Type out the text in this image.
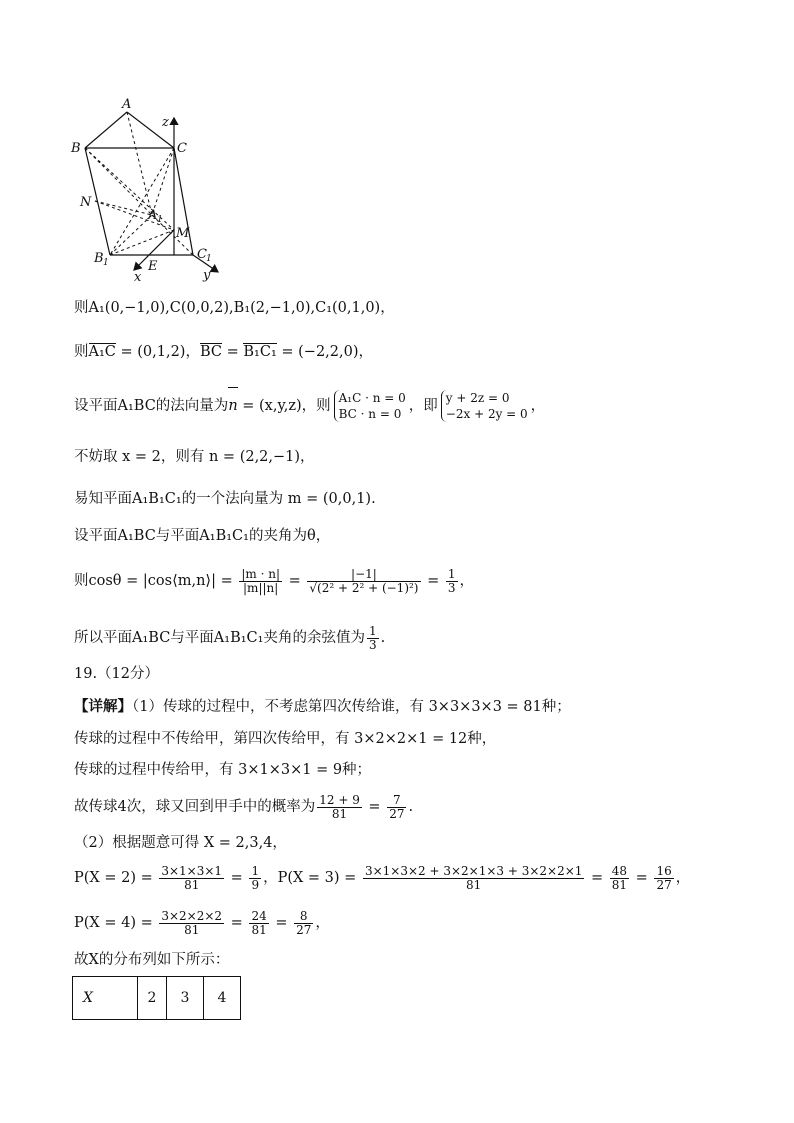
A
B	C
N
A 1
M
B 1
C 1
E
x	y
z
则A₁(0,−1,0),C(0,0,2),B₁(2,−1,0),C₁(0,1,0)，
则A₁C = (0,1,2)，BC = B₁C₁ = (−2,2,0)，
设平面A₁BC的法向量为n = (x,y,z)，则 A₁C · n = 0
BC · n = 0 ，即 y + 2z = 0
−2x + 2y = 0 ，
不妨取 x = 2，则有 n = (2,2,−1)，
易知平面A₁B₁C₁的一个法向量为 m = (0,0,1).
设平面A₁BC与平面A₁B₁C₁的夹角为θ，
则cosθ = |cos⟨m,n⟩| = $\frac{|m \cdot n|}{|m||n|} = \frac{|-1|}{\text{√(2² + 2² + (−1)²)}} = \frac{1}{3}$ ，
所以平面A₁BC与平面A₁B₁C₁夹角的余弦值为 $\frac{1}{3}$ .
19.（12分）
【详解】（1）传球的过程中，不考虑第四次传给谁，有 3×3×3×3 = 81种；
传球的过程中不传给甲，第四次传给甲，有 3×2×2×1 = 12种，
传球的过程中传给甲，有 3×1×3×1 = 9种；
故传球4次，球又回到甲手中的概率为 $\frac{12 + 9}{81} = \frac{7}{27}$ .
（2）根据题意可得 X = 2,3,4，
$P(X = 2) = \frac{3\times 1\times 3\times 1}{81} = \frac{1}{9}$ ，$P(X = 3) = \frac{3\times 1\times 3\times 2 + 3\times 2\times 1\times 3 + 3\times 2\times 2\times 1}{81} = \frac{48}{81} = \frac{16}{27}$ ，
$P(X = 4) = \frac{3\times 2\times 2\times 2}{81} = \frac{24}{81} = \frac{8}{27}$ ，
故X的分布列如下所示：
X	2	3	4
